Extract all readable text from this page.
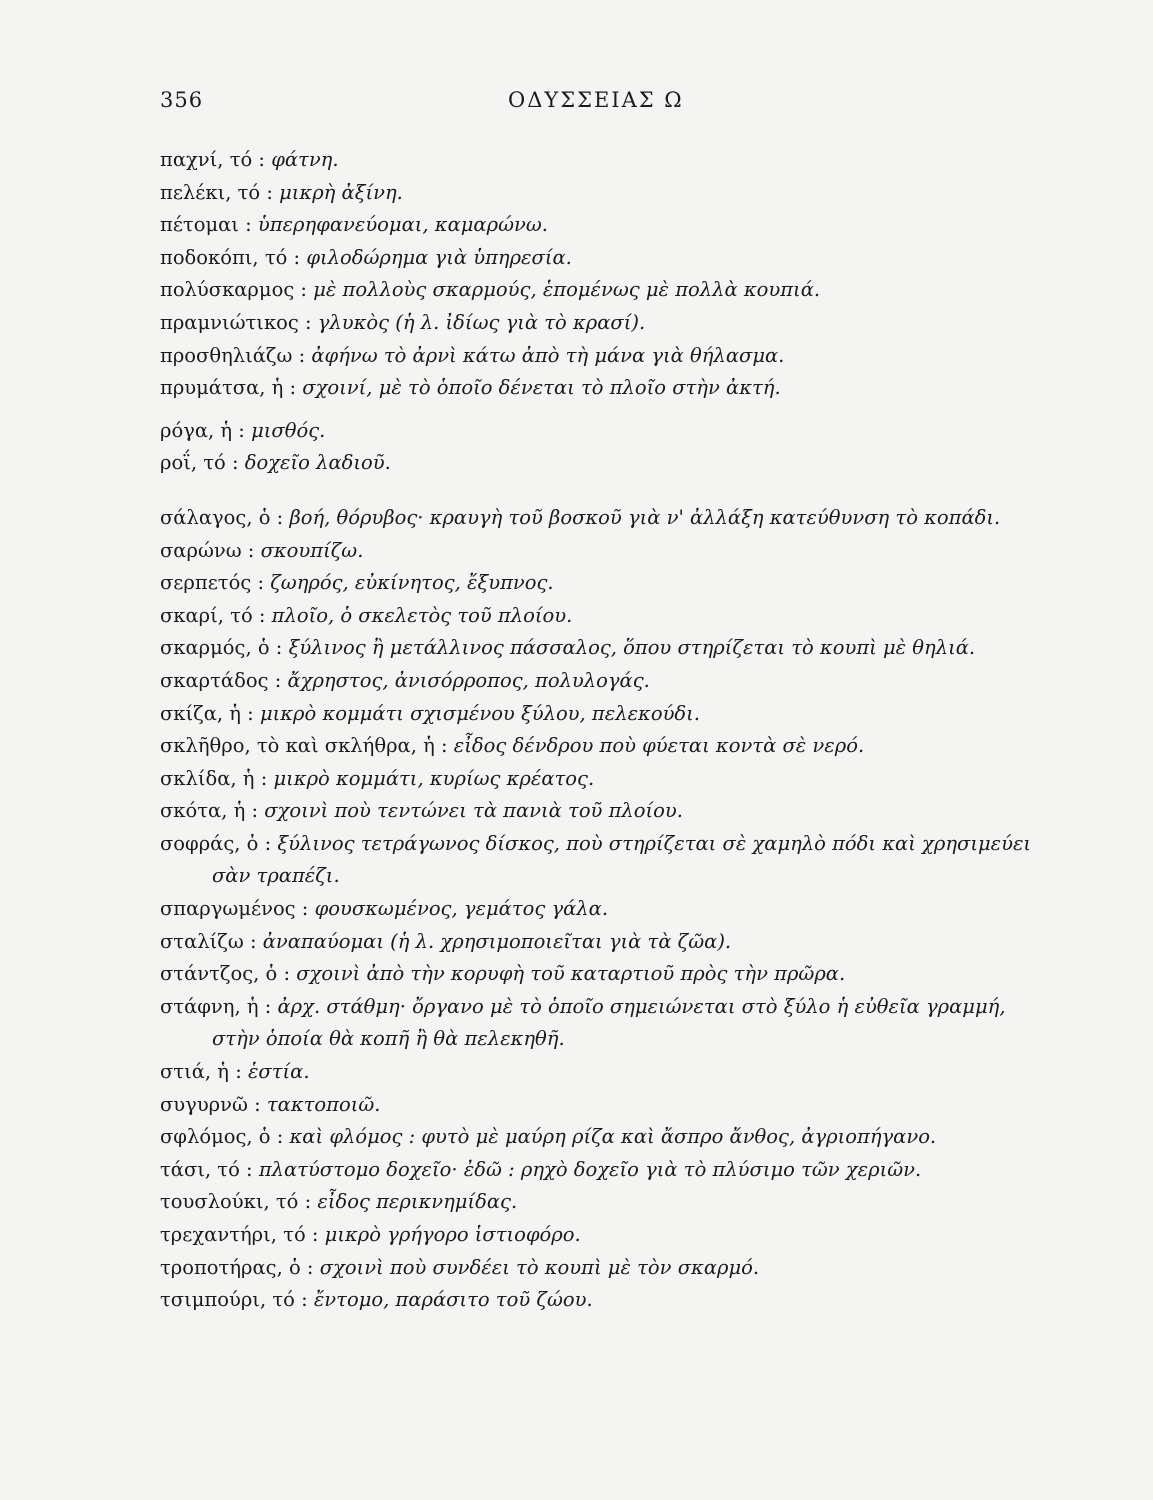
356	ΟΔΥΣΣΕΙΑΣ Ω
παχνί, τό : φάτνη.
πελέκι, τό : μικρὴ ἀξίνη.
πέτομαι : ὑπερηφανεύομαι, καμαρώνω.
ποδοκόπι, τό : φιλοδώρημα γιὰ ὑπηρεσία.
πολύσκαρμος : μὲ πολλοὺς σκαρμούς, ἑπομένως μὲ πολλὰ κουπιά.
πραμνιώτικος : γλυκὸς (ἡ λ. ἰδίως γιὰ τὸ κρασί).
προσθηλιάζω : ἀφήνω τὸ ἀρνὶ κάτω ἀπὸ τὴ μάνα γιὰ θήλασμα.
πρυμάτσα, ἡ : σχοινί, μὲ τὸ ὁποῖο δένεται τὸ πλοῖο στὴν ἀκτή.
ρόγα, ἡ : μισθός.
ροΐ, τό : δοχεῖο λαδιοῦ.
σάλαγος, ὁ : βοή, θόρυβος· κραυγὴ τοῦ βοσκοῦ γιὰ ν' ἀλλάξη κατεύθυνση τὸ κοπάδι.
σαρώνω : σκουπίζω.
σερπετός : ζωηρός, εὐκίνητος, ἔξυπνος.
σκαρί, τό : πλοῖο, ὁ σκελετὸς τοῦ πλοίου.
σκαρμός, ὁ : ξύλινος ἢ μετάλλινος πάσσαλος, ὅπου στηρίζεται τὸ κουπὶ μὲ θηλιά.
σκαρτάδος : ἄχρηστος, ἀνισόρροπος, πολυλογάς.
σκίζα, ἡ : μικρὸ κομμάτι σχισμένου ξύλου, πελεκούδι.
σκλῆθρο, τὸ καὶ σκλήθρα, ἡ : εἶδος δένδρου ποὺ φύεται κοντὰ σὲ νερό.
σκλίδα, ἡ : μικρὸ κομμάτι, κυρίως κρέατος.
σκότα, ἡ : σχοινὶ ποὺ τεντώνει τὰ πανιὰ τοῦ πλοίου.
σοφράς, ὁ : ξύλινος τετράγωνος δίσκος, ποὺ στηρίζεται σὲ χαμηλὸ πόδι καὶ χρησιμεύει
σὰν τραπέζι.
σπαργωμένος : φουσκωμένος, γεμάτος γάλα.
σταλίζω : ἀναπαύομαι (ἡ λ. χρησιμοποιεῖται γιὰ τὰ ζῶα).
στάντζος, ὁ : σχοινὶ ἀπὸ τὴν κορυφὴ τοῦ καταρτιοῦ πρὸς τὴν πρῶρα.
στάφνη, ἡ : ἀρχ. στάθμη· ὄργανο μὲ τὸ ὁποῖο σημειώνεται στὸ ξύλο ἡ εὐθεῖα γραμμή,
στὴν ὁποία θὰ κοπῆ ἢ θὰ πελεκηθῆ.
στιά, ἡ : ἑστία.
συγυρνῶ : τακτοποιῶ.
σφλόμος, ὁ : καὶ φλόμος : φυτὸ μὲ μαύρη ρίζα καὶ ἄσπρο ἄνθος, ἀγριοπήγανο.
τάσι, τό : πλατύστομο δοχεῖο· ἐδῶ : ρηχὸ δοχεῖο γιὰ τὸ πλύσιμο τῶν χεριῶν.
τουσλούκι, τό : εἶδος περικνημίδας.
τρεχαντήρι, τό : μικρὸ γρήγορο ἱστιοφόρο.
τροποτήρας, ὁ : σχοινὶ ποὺ συνδέει τὸ κουπὶ μὲ τὸν σκαρμό.
τσιμπούρι, τό : ἔντομο, παράσιτο τοῦ ζώου.
